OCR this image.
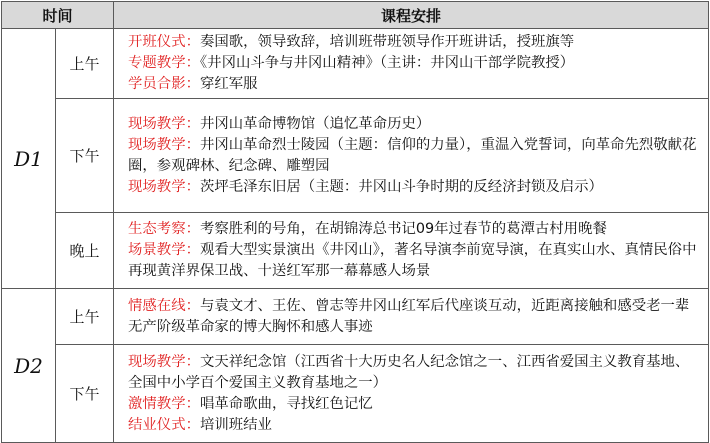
时间		课程安排
D1	上午	开班仪式：奏国歌，领导致辞，培训班带班领导作开班讲话，授班旗等
专题教学：《井冈山斗争与井冈山精神》（主讲：井冈山干部学院教授）
学员合影：穿红军服

	下午	现场教学：井冈山革命博物馆（追忆革命历史）
现场教学：井冈山革命烈士陵园（主题：信仰的力量），重温入党誓词，向革命先烈敬献花圈，参观碑林、纪念碑、雕塑园
现场教学：茨坪毛泽东旧居（主题：井冈山斗争时期的反经济封锁及启示）

	晚上	生态考察：考察胜利的号角，在胡锦涛总书记09年过春节的葛潭古村用晚餐
场景教学：观看大型实景演出《井冈山》，著名导演李前宽导演，在真实山水、真情民俗中再现黄洋界保卫战、十送红军那一幕幕感人场景

D2	上午	情感在线：与袁文才、王佐、曾志等井冈山红军后代座谈互动，近距离接触和感受老一辈无产阶级革命家的博大胸怀和感人事迹

	下午	现场教学：文天祥纪念馆（江西省十大历史名人纪念馆之一、江西省爱国主义教育基地、全国中小学百个爱国主义教育基地之一）
激情教学：唱革命歌曲，寻找红色记忆
结业仪式：培训班结业
